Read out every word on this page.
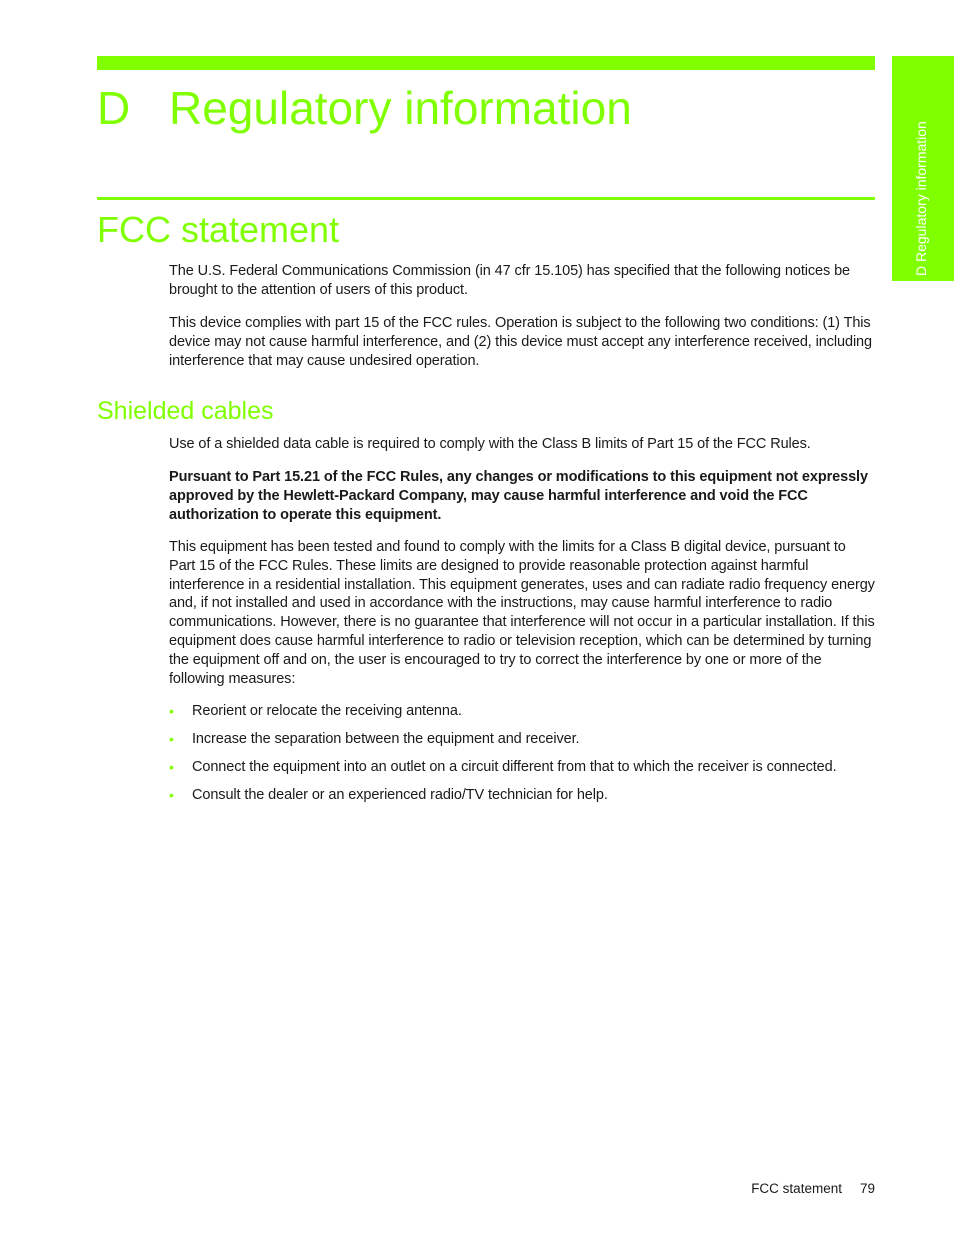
D Regulatory information
D Regulatory information
FCC statement

The U.S. Federal Communications Commission (in 47 cfr 15.105) has specified that the following notices be brought to the attention of users of this product.

This device complies with part 15 of the FCC rules. Operation is subject to the following two conditions: (1) This device may not cause harmful interference, and (2) this device must accept any interference received, including interference that may cause undesired operation.

Shielded cables

Use of a shielded data cable is required to comply with the Class B limits of Part 15 of the FCC Rules.

Pursuant to Part 15.21 of the FCC Rules, any changes or modifications to this equipment not expressly approved by the Hewlett-Packard Company, may cause harmful interference and void the FCC authorization to operate this equipment.

This equipment has been tested and found to comply with the limits for a Class B digital device, pursuant to Part 15 of the FCC Rules. These limits are designed to provide reasonable protection against harmful interference in a residential installation. This equipment generates, uses and can radiate radio frequency energy and, if not installed and used in accordance with the instructions, may cause harmful interference to radio communications. However, there is no guarantee that interference will not occur in a particular installation. If this equipment does cause harmful interference to radio or television reception, which can be determined by turning the equipment off and on, the user is encouraged to try to correct the interference by one or more of the following measures:

• Reorient or relocate the receiving antenna.
• Increase the separation between the equipment and receiver.
• Connect the equipment into an outlet on a circuit different from that to which the receiver is connected.
• Consult the dealer or an experienced radio/TV technician for help.
FCC statement 79
